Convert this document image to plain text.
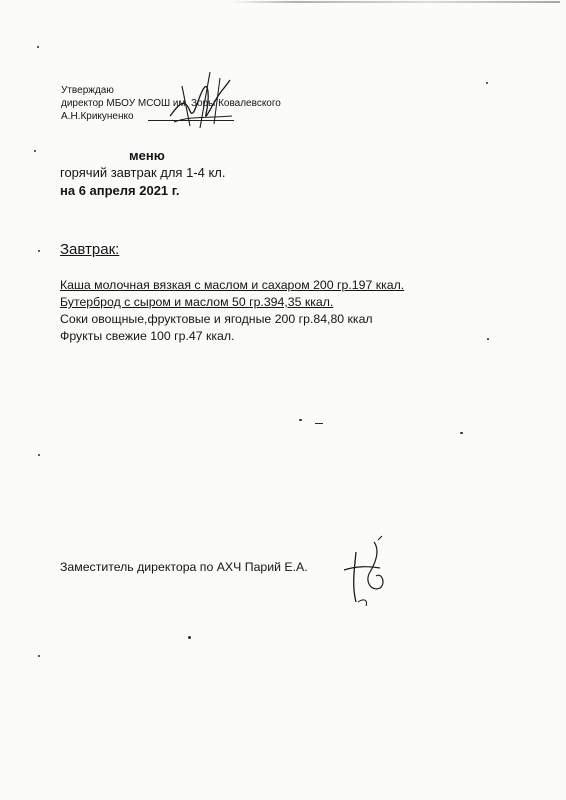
Утверждаю
директор МБОУ МСОШ им. Зоры Ковалевского
А.Н.Крикуненко
меню
горячий завтрак для 1-4 кл.
на 6 апреля 2021 г.
Завтрак:
Каша молочная вязкая с маслом и сахаром 200 гр.197 ккал.
Бутерброд с сыром и маслом 50 гр.394,35 ккал.
Соки овощные,фруктовые и ягодные 200 гр.84,80 ккал
Фрукты свежие 100 гр.47 ккал.
Заместитель директора по АХЧ Парий Е.А.
